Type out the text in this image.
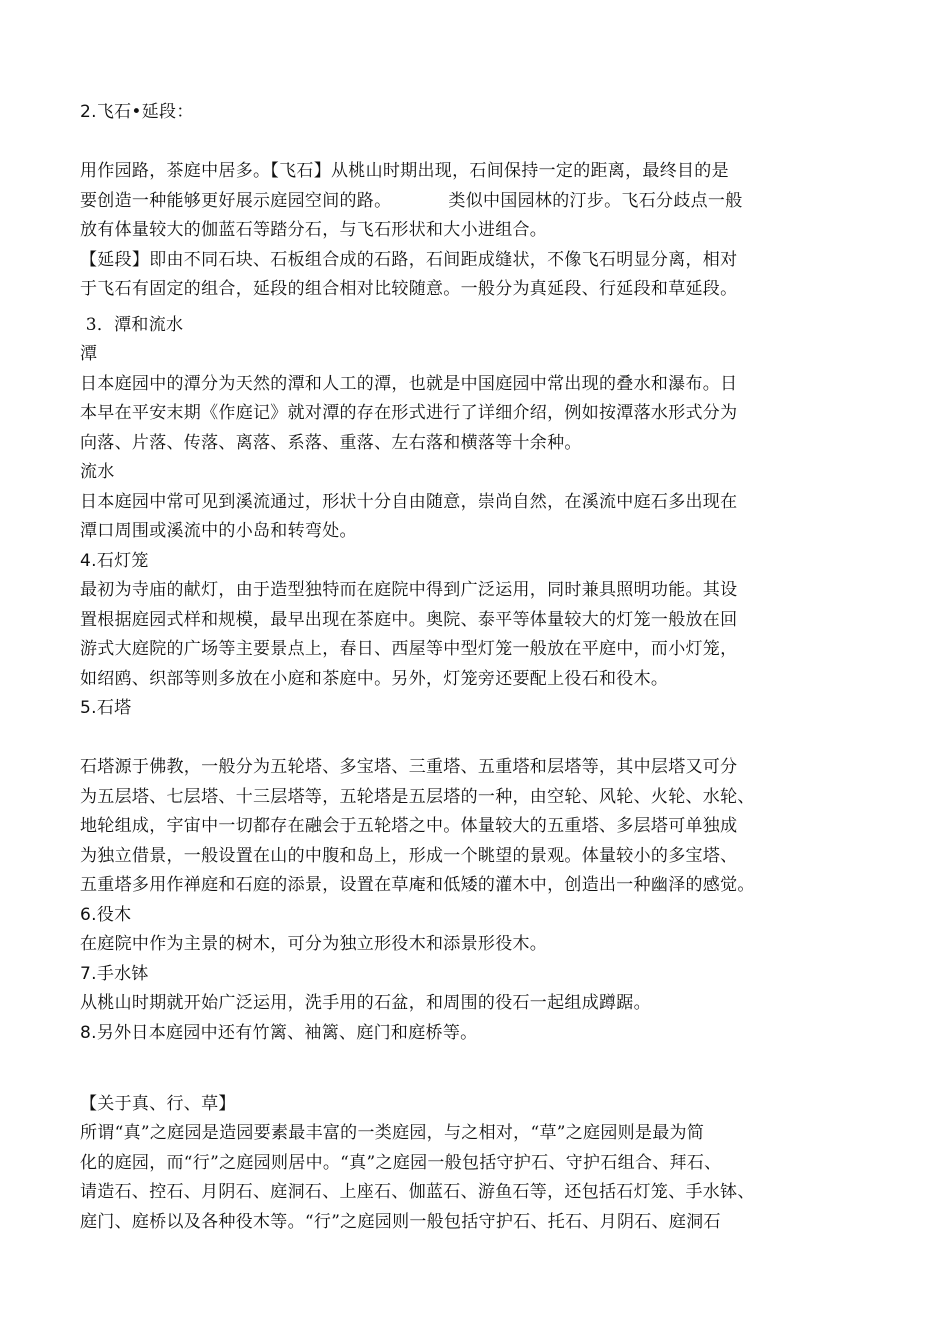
2.飞石•延段：
用作园路，茶庭中居多。【飞石】从桃山时期出现，石间保持一定的距离，最终目的是
要创造一种能够更好展示庭园空间的路。          类似中国园林的汀步。飞石分歧点一般
放有体量较大的伽蓝石等踏分石，与飞石形状和大小进组合。
【延段】即由不同石块、石板组合成的石路，石间距成缝状，不像飞石明显分离，相对
于飞石有固定的组合，延段的组合相对比较随意。一般分为真延段、行延段和草延段。
3．潭和流水
潭
日本庭园中的潭分为天然的潭和人工的潭，也就是中国庭园中常出现的叠水和瀑布。日
本早在平安末期《作庭记》就对潭的存在形式进行了详细介绍，例如按潭落水形式分为
向落、片落、传落、离落、系落、重落、左右落和横落等十余种。
流水
日本庭园中常可见到溪流通过，形状十分自由随意，崇尚自然，在溪流中庭石多出现在
潭口周围或溪流中的小岛和转弯处。
4.石灯笼
最初为寺庙的献灯，由于造型独特而在庭院中得到广泛运用，同时兼具照明功能。其设
置根据庭园式样和规模，最早出现在茶庭中。奥院、泰平等体量较大的灯笼一般放在回
游式大庭院的广场等主要景点上，春日、西屋等中型灯笼一般放在平庭中，而小灯笼，
如绍鸥、织部等则多放在小庭和茶庭中。另外，灯笼旁还要配上役石和役木。
5.石塔
石塔源于佛教，一般分为五轮塔、多宝塔、三重塔、五重塔和层塔等，其中层塔又可分
为五层塔、七层塔、十三层塔等，五轮塔是五层塔的一种，由空轮、风轮、火轮、水轮、
地轮组成，宇宙中一切都存在融会于五轮塔之中。体量较大的五重塔、多层塔可单独成
为独立借景，一般设置在山的中腹和岛上，形成一个眺望的景观。体量较小的多宝塔、
五重塔多用作禅庭和石庭的添景，设置在草庵和低矮的灌木中，创造出一种幽泽的感觉。
6.役木
在庭院中作为主景的树木，可分为独立形役木和添景形役木。
7.手水钵
从桃山时期就开始广泛运用，洗手用的石盆，和周围的役石一起组成蹲踞。
8.另外日本庭园中还有竹篱、袖篱、庭门和庭桥等。
【关于真、行、草】
所谓“真”之庭园是造园要素最丰富的一类庭园，与之相对，“草”之庭园则是最为简
化的庭园，而“行”之庭园则居中。“真”之庭园一般包括守护石、守护石组合、拜石、
请造石、控石、月阴石、庭洞石、上座石、伽蓝石、游鱼石等，还包括石灯笼、手水钵、
庭门、庭桥以及各种役木等。“行”之庭园则一般包括守护石、托石、月阴石、庭洞石
